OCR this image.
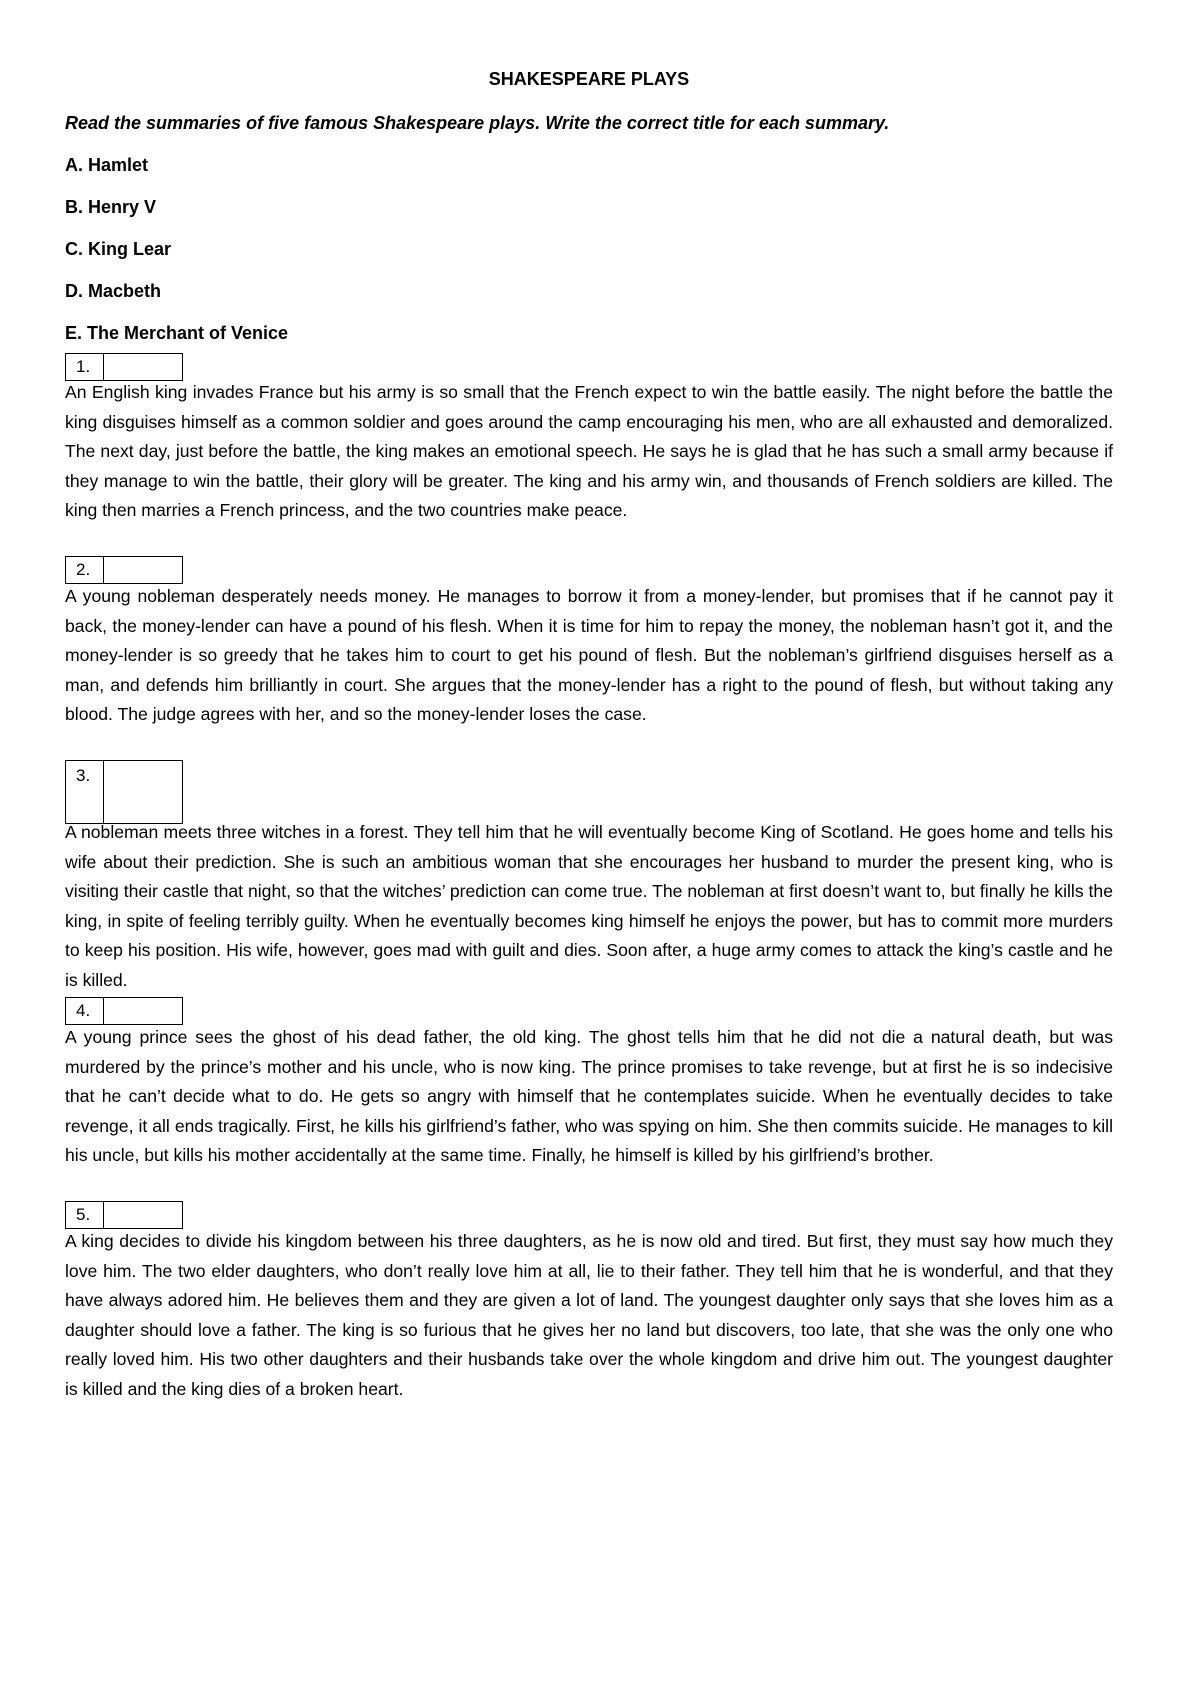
SHAKESPEARE PLAYS
Read the summaries of five famous Shakespeare plays. Write the correct title for each summary.
A. Hamlet
B. Henry V
C. King Lear
D. Macbeth
E. The Merchant of Venice
1.
An English king invades France but his army is so small that the French expect to win the battle easily. The night before the battle the king disguises himself as a common soldier and goes around the camp encouraging his men, who are all exhausted and demoralized. The next day, just before the battle, the king makes an emotional speech. He says he is glad that he has such a small army because if they manage to win the battle, their glory will be greater. The king and his army win, and thousands of French soldiers are killed. The king then marries a French princess, and the two countries make peace.
2.
A young nobleman desperately needs money. He manages to borrow it from a money-lender, but promises that if he cannot pay it back, the money-lender can have a pound of his flesh. When it is time for him to repay the money, the nobleman hasn’t got it, and the money-lender is so greedy that he takes him to court to get his pound of flesh. But the nobleman’s girlfriend disguises herself as a man, and defends him brilliantly in court. She argues that the money-lender has a right to the pound of flesh, but without taking any blood. The judge agrees with her, and so the money-lender loses the case.
3.
A nobleman meets three witches in a forest. They tell him that he will eventually become King of Scotland. He goes home and tells his wife about their prediction. She is such an ambitious woman that she encourages her husband to murder the present king, who is visiting their castle that night, so that the witches’ prediction can come true. The nobleman at first doesn’t want to, but finally he kills the king, in spite of feeling terribly guilty. When he eventually becomes king himself he enjoys the power, but has to commit more murders to keep his position. His wife, however, goes mad with guilt and dies. Soon after, a huge army comes to attack the king’s castle and he is killed.
4.
A young prince sees the ghost of his dead father, the old king. The ghost tells him that he did not die a natural death, but was murdered by the prince’s mother and his uncle, who is now king. The prince promises to take revenge, but at first he is so indecisive that he can’t decide what to do. He gets so angry with himself that he contemplates suicide. When he eventually decides to take revenge, it all ends tragically. First, he kills his girlfriend’s father, who was spying on him. She then commits suicide. He manages to kill his uncle, but kills his mother accidentally at the same time. Finally, he himself is killed by his girlfriend’s brother.
5.
A king decides to divide his kingdom between his three daughters, as he is now old and tired. But first, they must say how much they love him. The two elder daughters, who don’t really love him at all, lie to their father. They tell him that he is wonderful, and that they have always adored him. He believes them and they are given a lot of land. The youngest daughter only says that she loves him as a daughter should love a father. The king is so furious that he gives her no land but discovers, too late, that she was the only one who really loved him. His two other daughters and their husbands take over the whole kingdom and drive him out. The youngest daughter is killed and the king dies of a broken heart.
